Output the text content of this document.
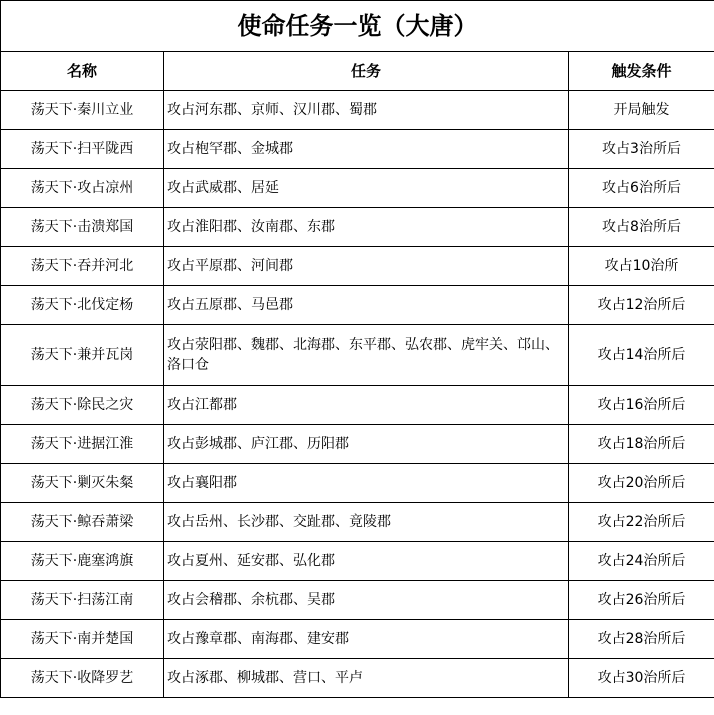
使命任务一览（大唐）		
名称	任务	触发条件
荡天下·秦川立业	攻占河东郡、京师、汉川郡、蜀郡	开局触发
荡天下·扫平陇西	攻占枹罕郡、金城郡	攻占3治所后
荡天下·攻占凉州	攻占武威郡、居延	攻占6治所后
荡天下·击溃郑国	攻占淮阳郡、汝南郡、东郡	攻占8治所后
荡天下·吞并河北	攻占平原郡、河间郡	攻占10治所
荡天下·北伐定杨	攻占五原郡、马邑郡	攻占12治所后
荡天下·兼并瓦岗	攻占荥阳郡、魏郡、北海郡、东平郡、弘农郡、虎牢关、邙山、洛口仓	攻占14治所后
荡天下·除民之灾	攻占江都郡	攻占16治所后
荡天下·进据江淮	攻占彭城郡、庐江郡、历阳郡	攻占18治所后
荡天下·剿灭朱粲	攻占襄阳郡	攻占20治所后
荡天下·鲸吞萧梁	攻占岳州、长沙郡、交趾郡、竟陵郡	攻占22治所后
荡天下·鹿塞鸿旗	攻占夏州、延安郡、弘化郡	攻占24治所后
荡天下·扫荡江南	攻占会稽郡、余杭郡、吴郡	攻占26治所后
荡天下·南并楚国	攻占豫章郡、南海郡、建安郡	攻占28治所后
荡天下·收降罗艺	攻占涿郡、柳城郡、营口、平卢	攻占30治所后
